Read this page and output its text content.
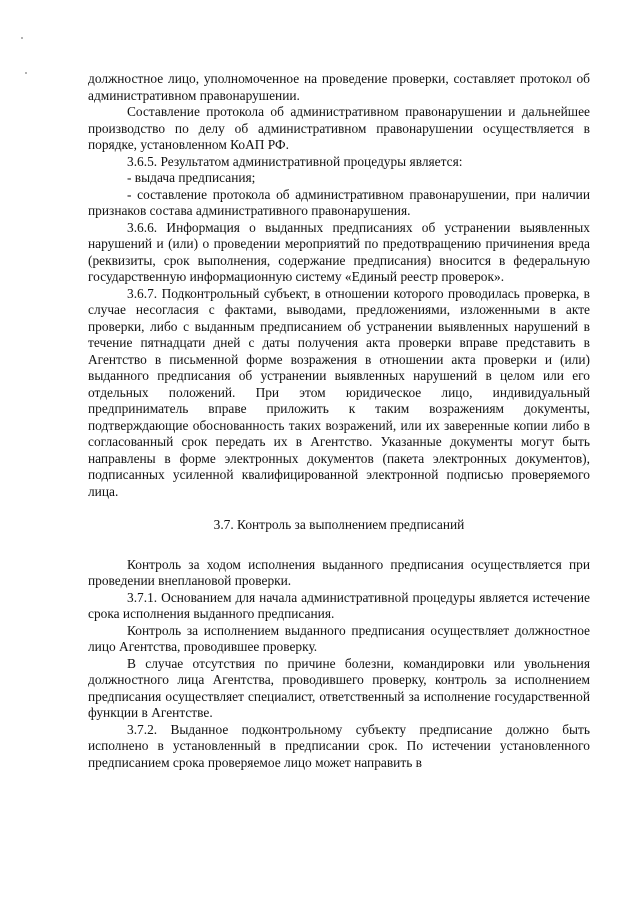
должностное лицо, уполномоченное на проведение проверки, составляет протокол об административном правонарушении.

Составление протокола об административном правонарушении и дальнейшее производство по делу об административном правонарушении осуществляется в порядке, установленном КоАП РФ.

3.6.5. Результатом административной процедуры является:

- выдача предписания;

- составление протокола об административном правонарушении, при наличии признаков состава административного правонарушения.

3.6.6. Информация о выданных предписаниях об устранении выявленных нарушений и (или) о проведении мероприятий по предотвращению причинения вреда (реквизиты, срок выполнения, содержание предписания) вносится в федеральную государственную информационную систему «Единый реестр проверок».

3.6.7. Подконтрольный субъект, в отношении которого проводилась проверка, в случае несогласия с фактами, выводами, предложениями, изложенными в акте проверки, либо с выданным предписанием об устранении выявленных нарушений в течение пятнадцати дней с даты получения акта проверки вправе представить в Агентство в письменной форме возражения в отношении акта проверки и (или) выданного предписания об устранении выявленных нарушений в целом или его отдельных положений. При этом юридическое лицо, индивидуальный предприниматель вправе приложить к таким возражениям документы, подтверждающие обоснованность таких возражений, или их заверенные копии либо в согласованный срок передать их в Агентство. Указанные документы могут быть направлены в форме электронных документов (пакета электронных документов), подписанных усиленной квалифицированной электронной подписью проверяемого лица.

3.7. Контроль за выполнением предписаний

Контроль за ходом исполнения выданного предписания осуществляется при проведении внеплановой проверки.

3.7.1. Основанием для начала административной процедуры является истечение срока исполнения выданного предписания.

Контроль за исполнением выданного предписания осуществляет должностное лицо Агентства, проводившее проверку.

В случае отсутствия по причине болезни, командировки или увольнения должностного лица Агентства, проводившего проверку, контроль за исполнением предписания осуществляет специалист, ответственный за исполнение государственной функции в Агентстве.

3.7.2. Выданное подконтрольному субъекту предписание должно быть исполнено в установленный в предписании срок. По истечении установленного предписанием срока проверяемое лицо может направить в
